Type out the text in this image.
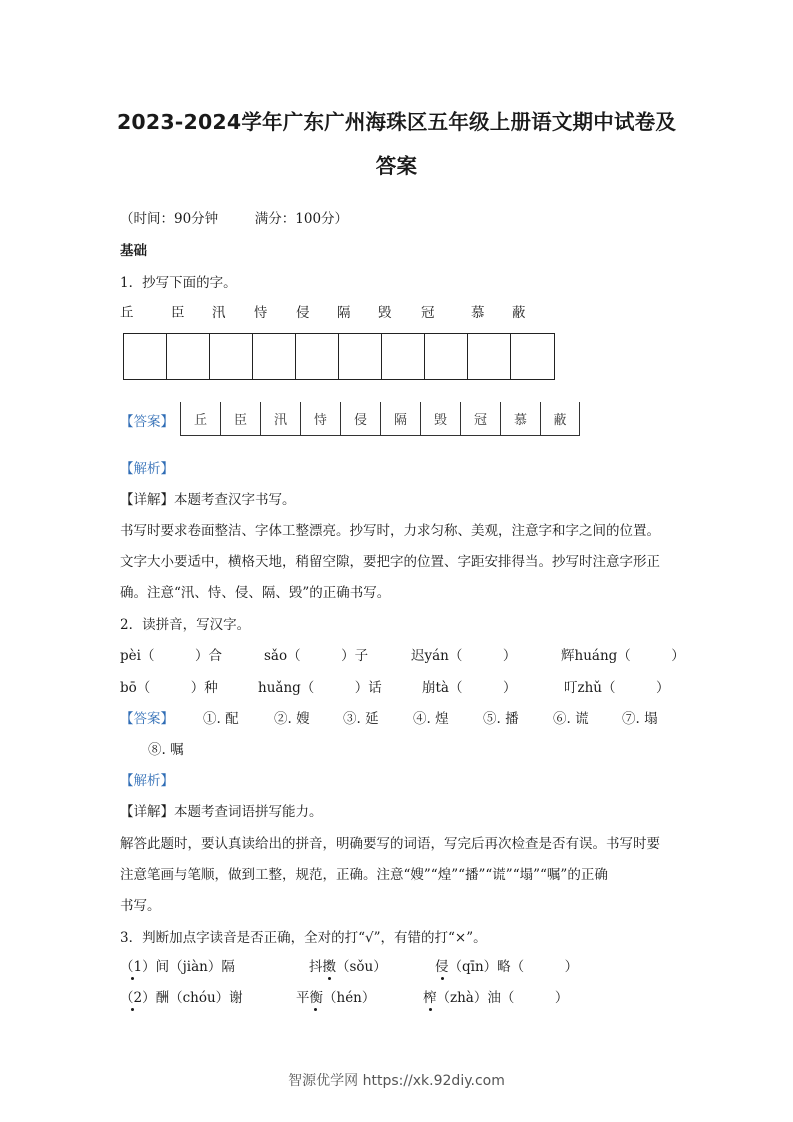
2023-2024学年广东广州海珠区五年级上册语文期中试卷及
答案
（时间：90分钟	满分：100分）
基础
1．抄写下面的字。
丘	臣 汛 恃 侵 隔 毁 冠	慕 蔽
【答案】	丘	臣	汛	恃	侵	隔	毁	冠	慕	蔽
【解析】
【详解】本题考查汉字书写。
书写时要求卷面整洁、字体工整漂亮。抄写时，力求匀称、美观，注意字和字之间的位置。
文字大小要适中，横格天地，稍留空隙，要把字的位置、字距安排得当。抄写时注意字形正
确。注意“汛、恃、侵、隔、毁”的正确书写。
2．读拼音，写汉字。
pèi（　　　）合	sǎo（　　　）子	迟yán（　　　）	辉huáng（　　　）
bō（　　　）种	huǎng（　　　）话	崩tà（　　　）	叮zhǔ（　　　）
【答案】 ①. 配	②. 嫂 ③. 延	④. 煌	⑤. 播	⑥. 谎 ⑦. 塌
⑧. 嘱
【解析】
【详解】本题考查词语拼写能力。
解答此题时，要认真读给出的拼音，明确要写的词语，写完后再次检查是否有误。书写时要
注意笔画与笔顺，做到工整，规范，正确。注意“嫂”“煌”“播”“谎”“塌”“嘱”的正确
书写。
3．判断加点字读音是否正确，全对的打“√”，有错的打“×”。
（1）间（jiàn）隔	抖擞（sǒu）	侵（qīn）略（　　　）
（2）酬（chóu）谢	平衡（hén）	榨（zhà）油（　　　）
智源优学网 https://xk.92diy.com
